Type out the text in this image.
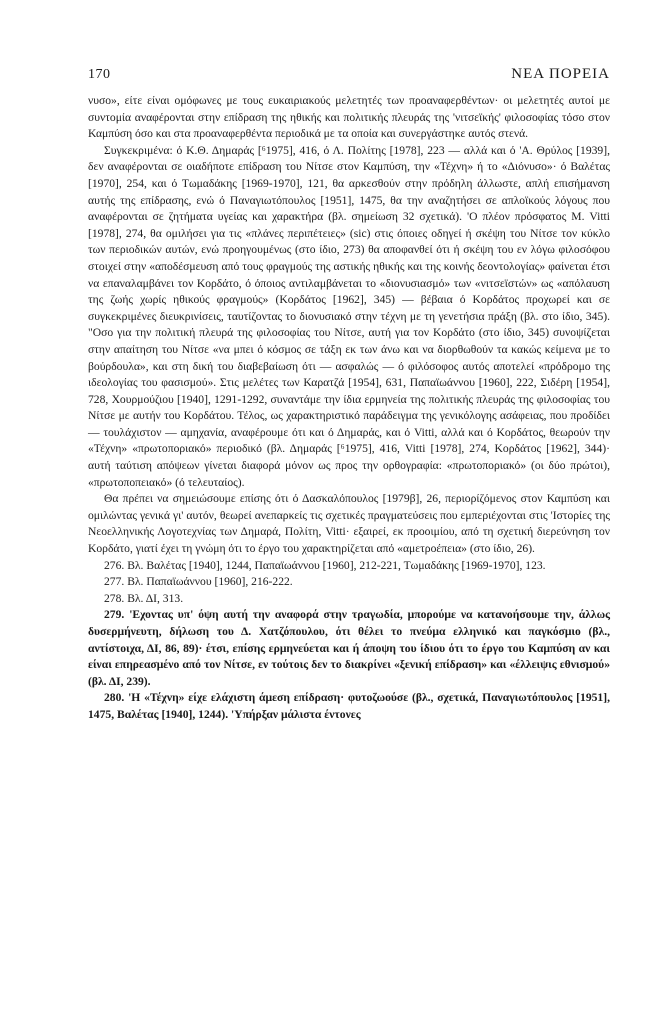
170	ΝΕΑ ΠΟΡΕΙΑ

νυσο», είτε είναι ομόφωνες με τους ευκαιριακούς μελετητές των προαναφερθέντων· οι μελετητές αυτοί με συντομία αναφέρονται στην επίδραση της ηθικής και πολιτικής πλευράς της 'νιτσεϊκής' φιλοσοφίας τόσο στον Καμπύση όσο και στα προαναφερθέντα περιοδικά με τα οποία και συνεργάστηκε αυτός στενά.

Συγκεκριμένα: ό Κ.Θ. Δημαράς [⁶1975], 416, ό Λ. Πολίτης [1978], 223 — αλλά και ό 'Α. Θρύλος [1939], δεν αναφέρονται σε οιαδήποτε επίδραση του Νίτσε στον Καμπύση, την «Τέχνη» ή το «Διόνυσο»· ό Βαλέτας [1970], 254, και ό Τωμαδάκης [1969-1970], 121, θα αρκεσθούν στην πρόδηλη άλλωστε, απλή επισήμανση αυτής της επίδρασης, ενώ ό Παναγιωτόπουλος [1951], 1475, θα την αναζητήσει σε απλοϊκούς λόγους που αναφέρονται σε ζητήματα υγείας και χαρακτήρα (βλ. σημείωση 32 σχετικά). 'Ο πλέον πρόσφατος Μ. Vitti [1978], 274, θα ομιλήσει για τις «πλάνες περιπέτειες» (sic) στις όποιες οδηγεί ή σκέψη του Νίτσε τον κύκλο των περιοδικών αυτών, ενώ προηγουμένως (στο ίδιο, 273) θα αποφανθεί ότι ή σκέψη του εν λόγω φιλοσόφου στοιχεί στην «αποδέσμευση από τους φραγμούς της αστικής ηθικής και της κοινής δεοντολογίας» φαίνεται έτσι να επαναλαμβάνει τον Κορδάτο, ό όποιος αντιλαμβάνεται το «διονυσιασμό» των «νιτσεϊστών» ως «απόλαυση της ζωής χωρίς ηθικούς φραγμούς» (Κορδάτος [1962], 345) — βέβαια ό Κορδάτος προχωρεί και σε συγκεκριμένες διευκρινίσεις, ταυτίζοντας το διονυσιακό στην τέχνη με τη γενετήσια πράξη (βλ. στο ίδιο, 345). "Οσο για την πολιτική πλευρά της φιλοσοφίας του Νίτσε, αυτή για τον Κορδάτο (στο ίδιο, 345) συνοψίζεται στην απαίτηση του Νίτσε «να μπει ό κόσμος σε τάξη εκ των άνω και να διορθωθούν τα κακώς κείμενα με το βούρδουλα», και στη δική του διαβεβαίωση ότι — ασφαλώς — ό φιλόσοφος αυτός αποτελεί «πρόδρομο της ιδεολογίας του φασισμού». Στις μελέτες των Καρατζά [1954], 631, Παπαϊωάννου [1960], 222, Σιδέρη [1954], 728, Χουρμούζιου [1940], 1291-1292, συναντάμε την ίδια ερμηνεία της πολιτικής πλευράς της φιλοσοφίας του Νίτσε με αυτήν του Κορδάτου. Τέλος, ως χαρακτηριστικό παράδειγμα της γενικόλογης ασάφειας, που προδίδει — τουλάχιστον — αμηχανία, αναφέρουμε ότι και ό Δημαράς, και ό Vitti, αλλά και ό Κορδάτος, θεωρούν την «Τέχνη» «πρωτοποριακό» περιοδικό (βλ. Δημαράς [⁶1975], 416, Vitti [1978], 274, Κορδάτος [1962], 344)· αυτή ταύτιση απόψεων γίνεται διαφορά μόνον ως προς την ορθογραφία: «πρωτοποριακό» (οι δύο πρώτοι), «πρωτοποπειακό» (ό τελευταίος).

Θα πρέπει να σημειώσουμε επίσης ότι ό Δασκαλόπουλος [1979β], 26, περιορίζόμενος στον Καμπύση και ομιλώντας γενικά γι' αυτόν, θεωρεί ανεπαρκείς τις σχετικές πραγματεύσεις που εμπεριέχονται στις 'Ιστορίες της Νεοελληνικής Λογοτεχνίας των Δημαρά, Πολίτη, Vitti· εξαιρεί, εκ προοιμίου, από τη σχετική διερεύνηση τον Κορδάτο, γιατί έχει τη γνώμη ότι το έργο του χαρακτηρίζεται από «αμετροέπεια» (στο ίδιο, 26).

276. Βλ. Βαλέτας [1940], 1244, Παπαϊωάννου [1960], 212-221, Τωμαδάκης [1969-1970], 123.

277. Βλ. Παπαϊωάννου [1960], 216-222.

278. Βλ. ΔΙ, 313.

279. 'Εχοντας υπ' όψη αυτή την αναφορά στην τραγωδία, μπορούμε να κατανοήσουμε την, άλλως δυσερμήνευτη, δήλωση του Δ. Χατζόπουλου, ότι θέλει το πνεύμα ελληνικό και παγκόσμιο (βλ., αντίστοιχα, ΔΙ, 86, 89)· έτσι, επίσης ερμηνεύεται και ή άποψη του ίδιου ότι το έργο του Καμπύση αν και είναι επηρεασμένο από τον Νίτσε, εν τούτοις δεν το διακρίνει «ξενική επίδραση» και «έλλειψις εθνισμού» (βλ. ΔΙ, 239).

280. 'Η «Τέχνη» είχε ελάχιστη άμεση επίδραση· φυτοζωούσε (βλ., σχετικά, Παναγιωτόπουλος [1951], 1475, Βαλέτας [1940], 1244). 'Υπήρξαν μάλιστα έντονες
